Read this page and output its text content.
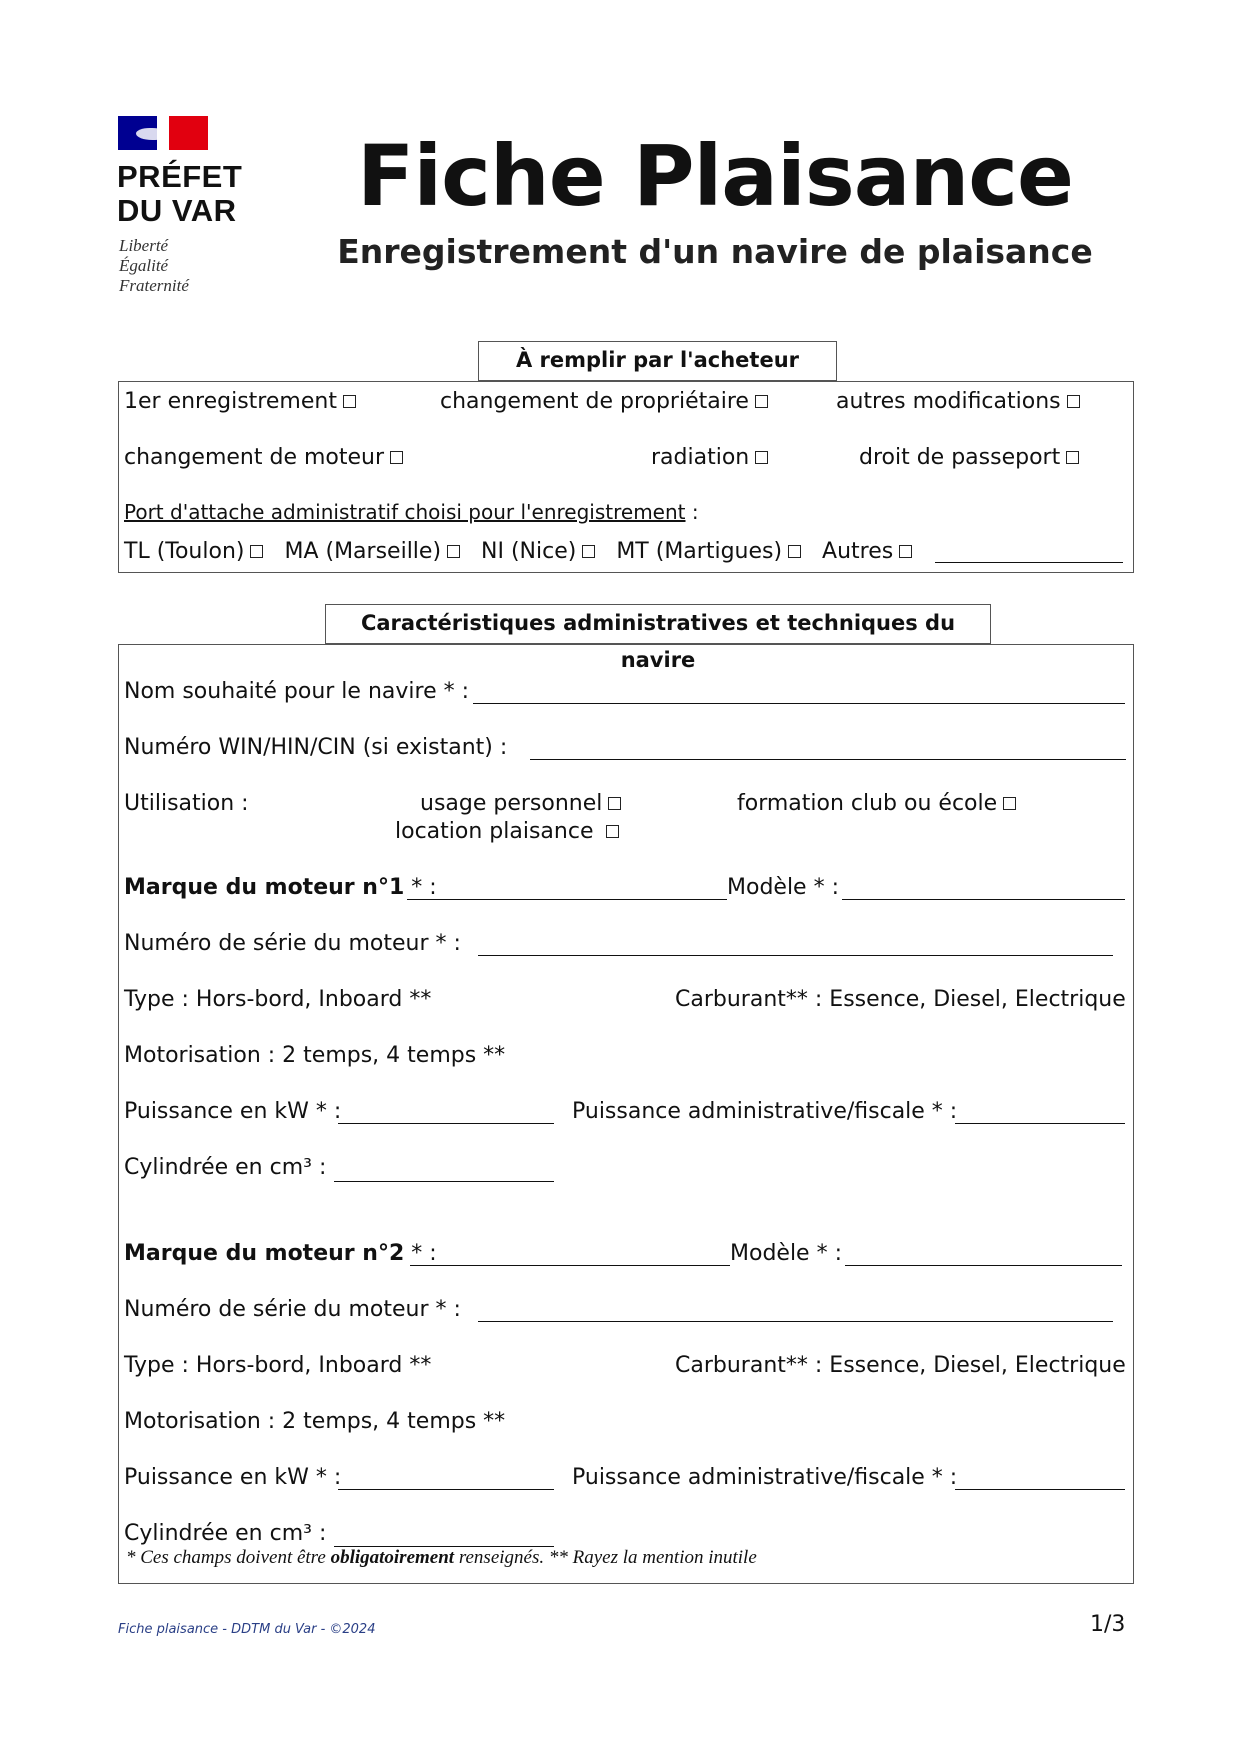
PRÉFET
DU VAR
Liberté
Égalité
Fraternité
Fiche Plaisance
Enregistrement d'un navire de plaisance
À remplir par l'acheteur
1er enregistrement	changement de propriétaire	autres modifications
changement de moteur	radiation	droit de passeport
Port d'attache administratif choisi pour l'enregistrement :
TL (Toulon) MA (Marseille) NI (Nice) MT (Martigues) Autres
Caractéristiques administratives et techniques du navire
Nom souhaité pour le navire * :
Numéro WIN/HIN/CIN (si existant) :
Utilisation :	usage personnel	formation club ou école
location plaisance
Marque du moteur n°1 * :	Modèle * :
Numéro de série du moteur * :
Type : Hors-bord, Inboard **	Carburant** : Essence, Diesel, Electrique
Motorisation : 2 temps, 4 temps **
Puissance en kW * :	Puissance administrative/fiscale * :
Cylindrée en cm³ :
Marque du moteur n°2 * :	Modèle * :
Numéro de série du moteur * :
Type : Hors-bord, Inboard **	Carburant** : Essence, Diesel, Electrique
Motorisation : 2 temps, 4 temps **
Puissance en kW * :	Puissance administrative/fiscale * :
Cylindrée en cm³ :
* Ces champs doivent être obligatoirement renseignés. ** Rayez la mention inutile
Fiche plaisance - DDTM du Var - ©2024	1/3
